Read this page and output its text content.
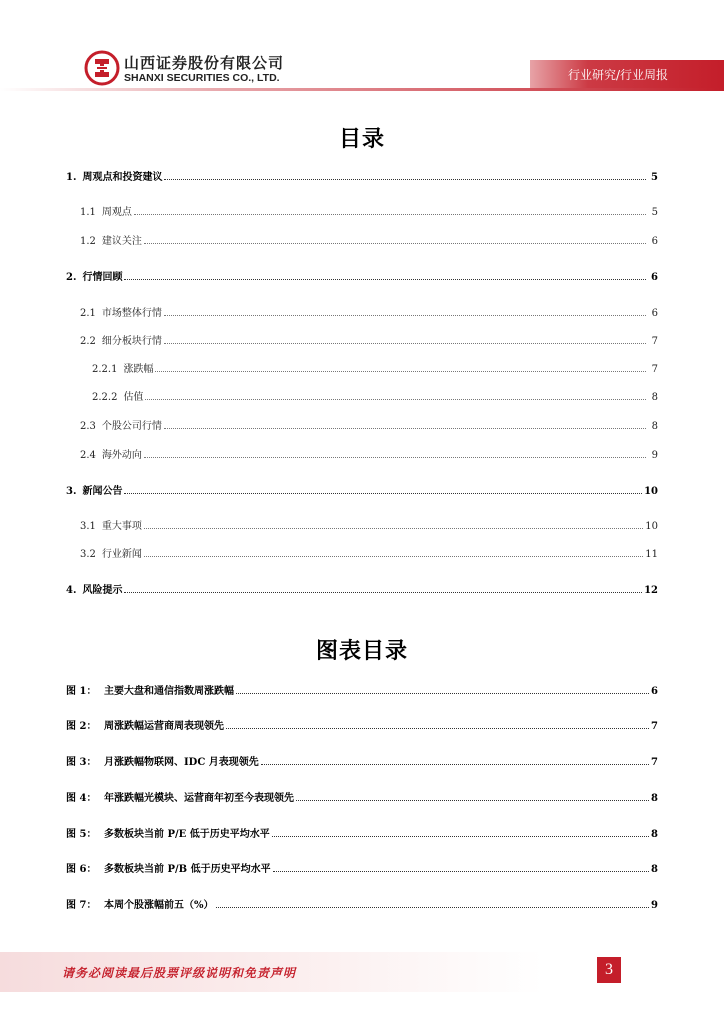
山西证券股份有限公司
SHANXI SECURITIES CO., LTD.	行业研究/行业周报
目录
1. 周观点和投资建议	5
1.1 周观点	5
1.2 建议关注	6
2. 行情回顾	6
2.1 市场整体行情	6
2.2 细分板块行情	7
2.2.1 涨跌幅	7
2.2.2 估值	8
2.3 个股公司行情	8
2.4 海外动向	9
3. 新闻公告	10
3.1 重大事项	10
3.2 行业新闻	11
4. 风险提示	12
图表目录
图 1： 主要大盘和通信指数周涨跌幅	6
图 2： 周涨跌幅运营商周表现领先	7
图 3： 月涨跌幅物联网、IDC 月表现领先	7
图 4： 年涨跌幅光模块、运营商年初至今表现领先	8
图 5： 多数板块当前 P/E 低于历史平均水平	8
图 6： 多数板块当前 P/B 低于历史平均水平	8
图 7： 本周个股涨幅前五（%）	9
请务必阅读最后股票评级说明和免责声明	3
